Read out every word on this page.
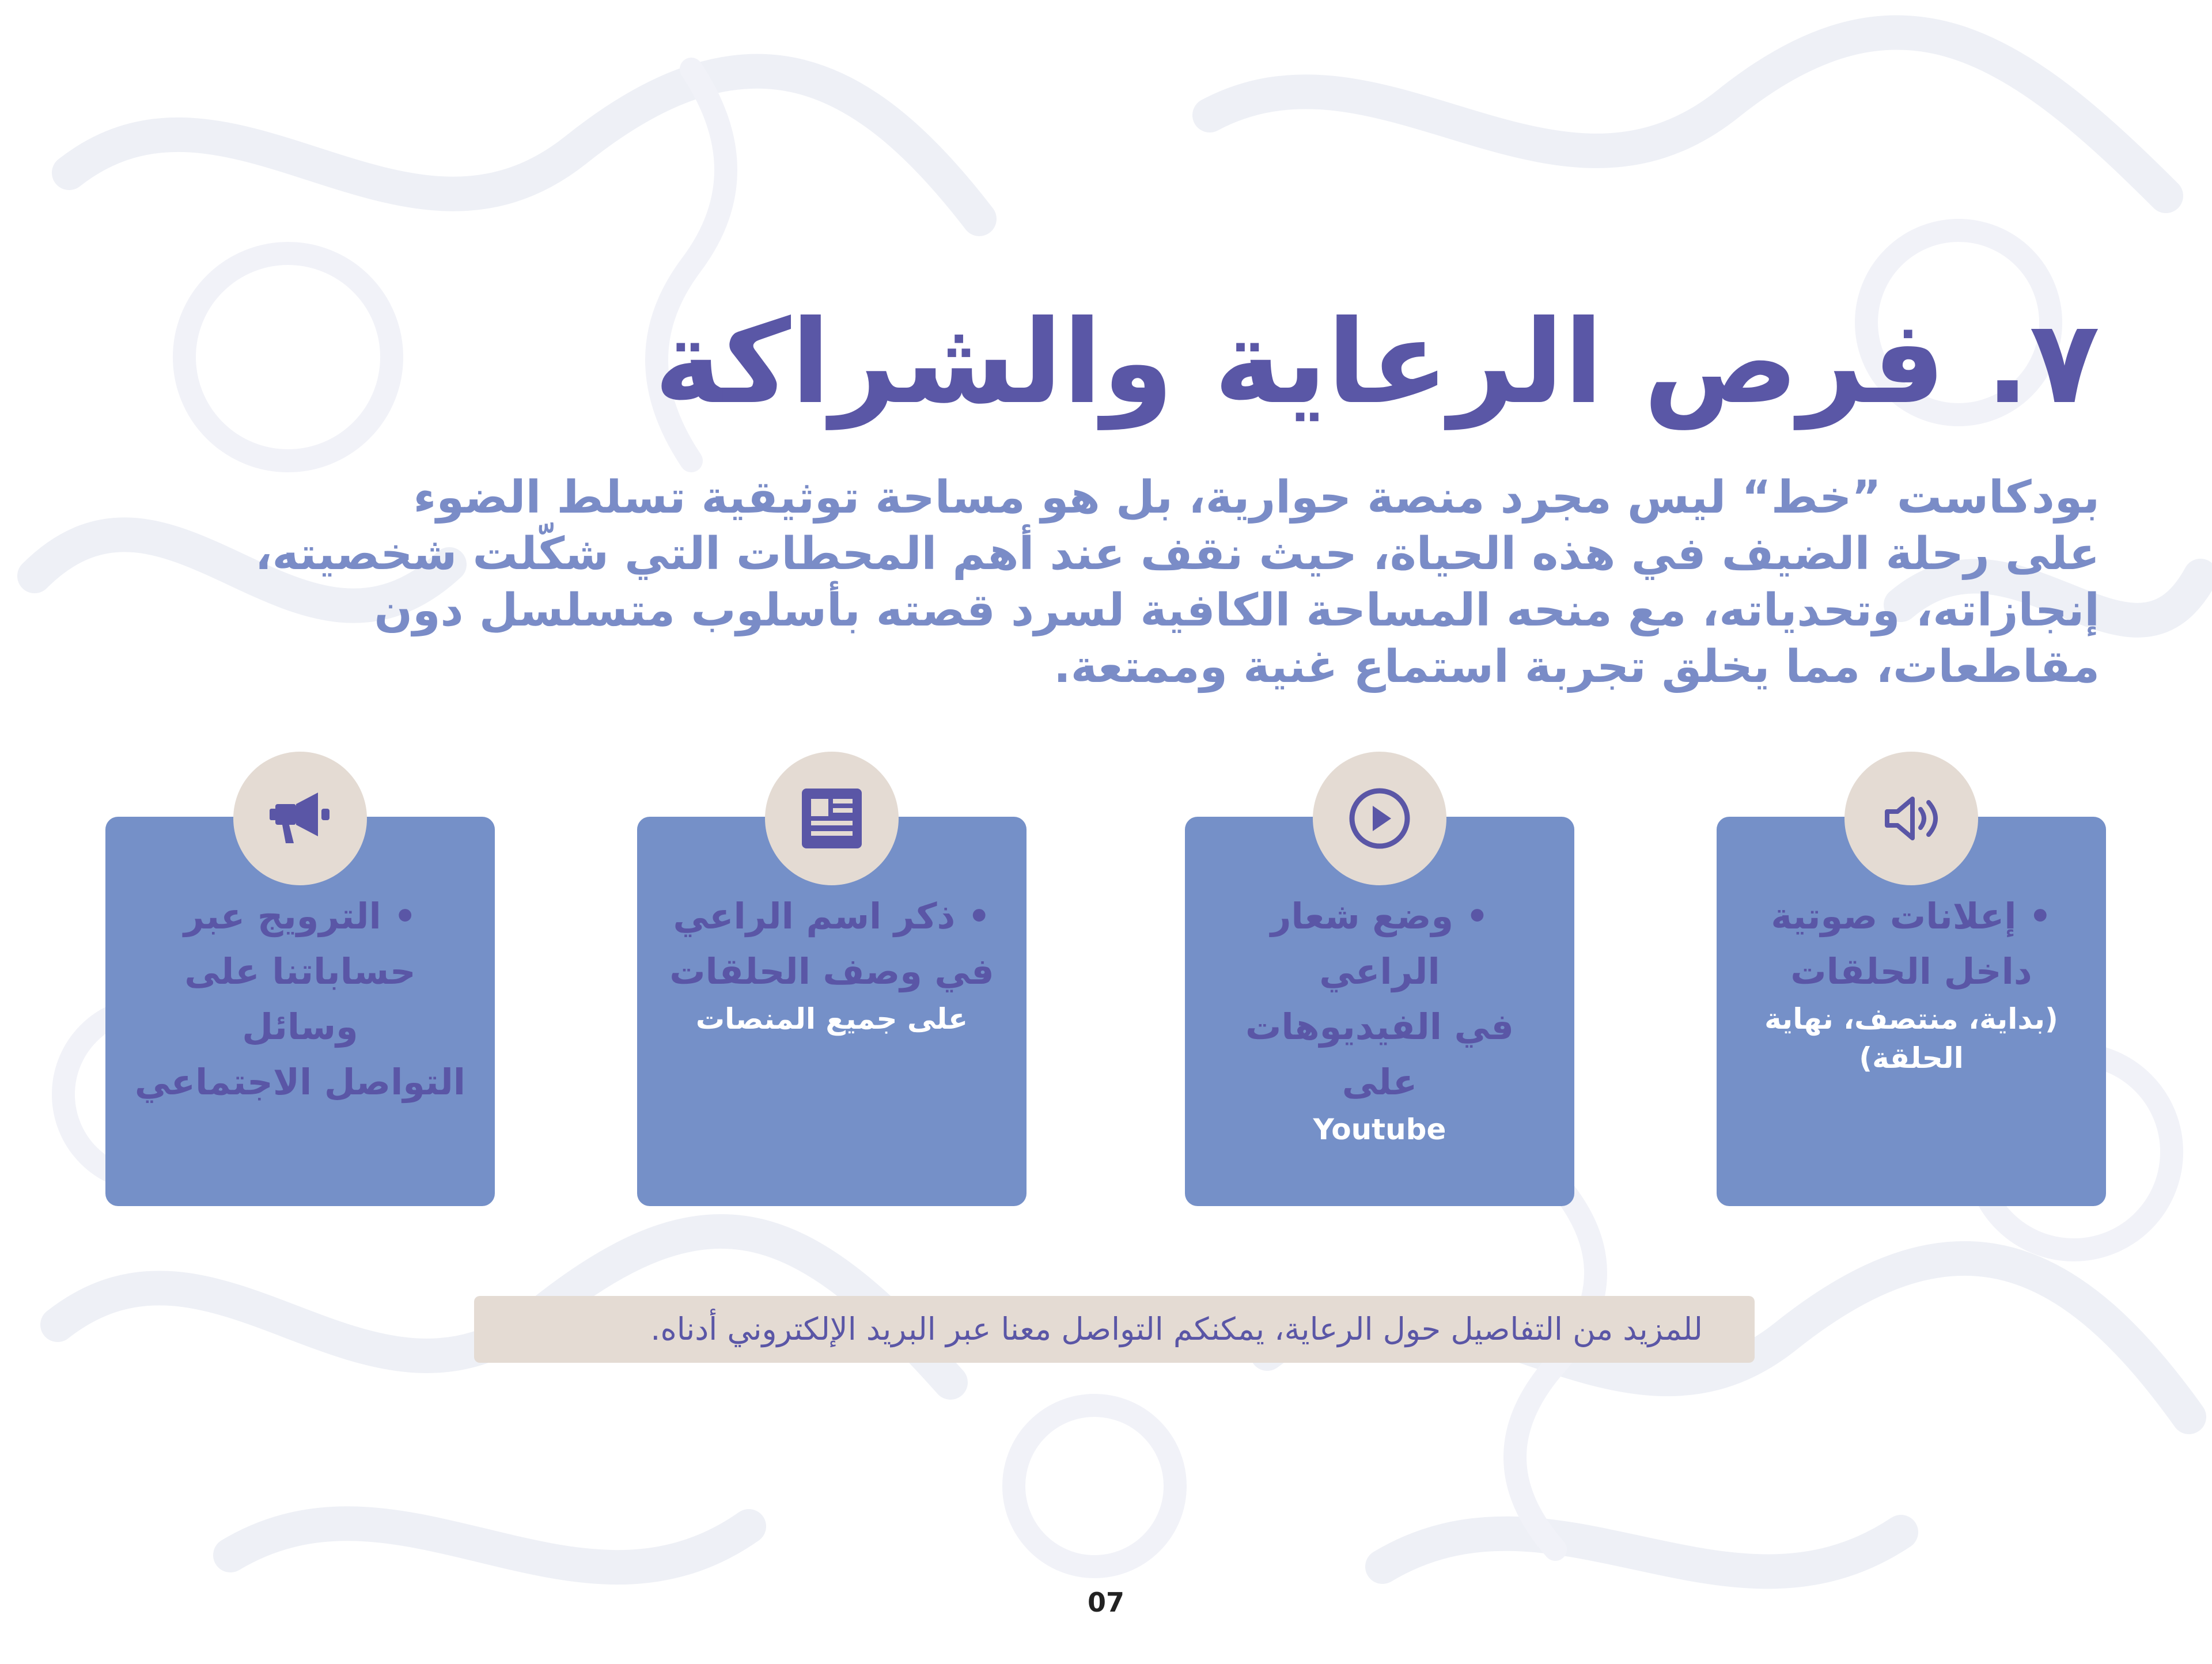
٧. فرص الرعاية والشراكة
بودكاست ”خط“ ليس مجرد منصة حوارية، بل هو مساحة توثيقية تسلط الضوء
على رحلة الضيف في هذه الحياة، حيث نقف عند أهم المحطات التي شكّلت شخصيته،
إنجازاته، وتحدياته، مع منحه المساحة الكافية لسرد قصته بأسلوب متسلسل دون
مقاطعات، مما يخلق تجربة استماع غنية وممتعة.
• إعلانات صوتية
داخل الحلقات
(بداية، منتصف، نهاية
الحلقة)
• وضع شعار الراعي
في الفيديوهات
على
Youtube
• ذكر اسم الراعي
في وصف الحلقات
على جميع المنصات
• الترويج عبر
حساباتنا على وسائل
التواصل الاجتماعي
للمزيد من التفاصيل حول الرعاية، يمكنكم التواصل معنا عبر البريد الإلكتروني أدناه.
07
